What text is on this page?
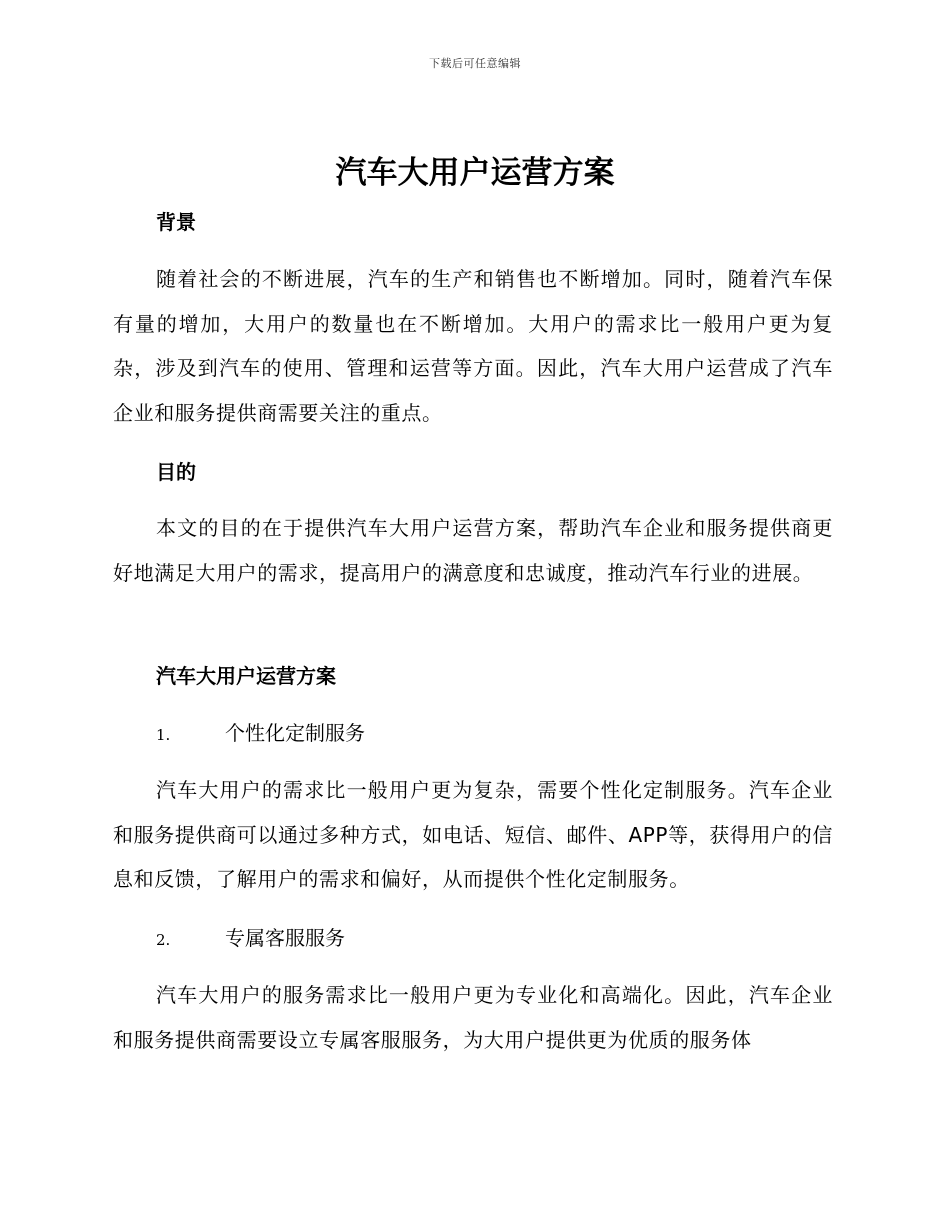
下载后可任意编辑
汽车大用户运营方案
背景

随着社会的不断进展，汽车的生产和销售也不断增加。同时，随着汽车保有量的增加，大用户的数量也在不断增加。大用户的需求比一般用户更为复杂，涉及到汽车的使用、管理和运营等方面。因此，汽车大用户运营成了汽车企业和服务提供商需要关注的重点。

目的

本文的目的在于提供汽车大用户运营方案，帮助汽车企业和服务提供商更好地满足大用户的需求，提高用户的满意度和忠诚度，推动汽车行业的进展。

汽车大用户运营方案
1.	个性化定制服务

汽车大用户的需求比一般用户更为复杂，需要个性化定制服务。汽车企业和服务提供商可以通过多种方式，如电话、短信、邮件、APP等，获得用户的信息和反馈，了解用户的需求和偏好，从而提供个性化定制服务。

2.	专属客服服务

汽车大用户的服务需求比一般用户更为专业化和高端化。因此，汽车企业和服务提供商需要设立专属客服服务，为大用户提供更为优质的服务体
